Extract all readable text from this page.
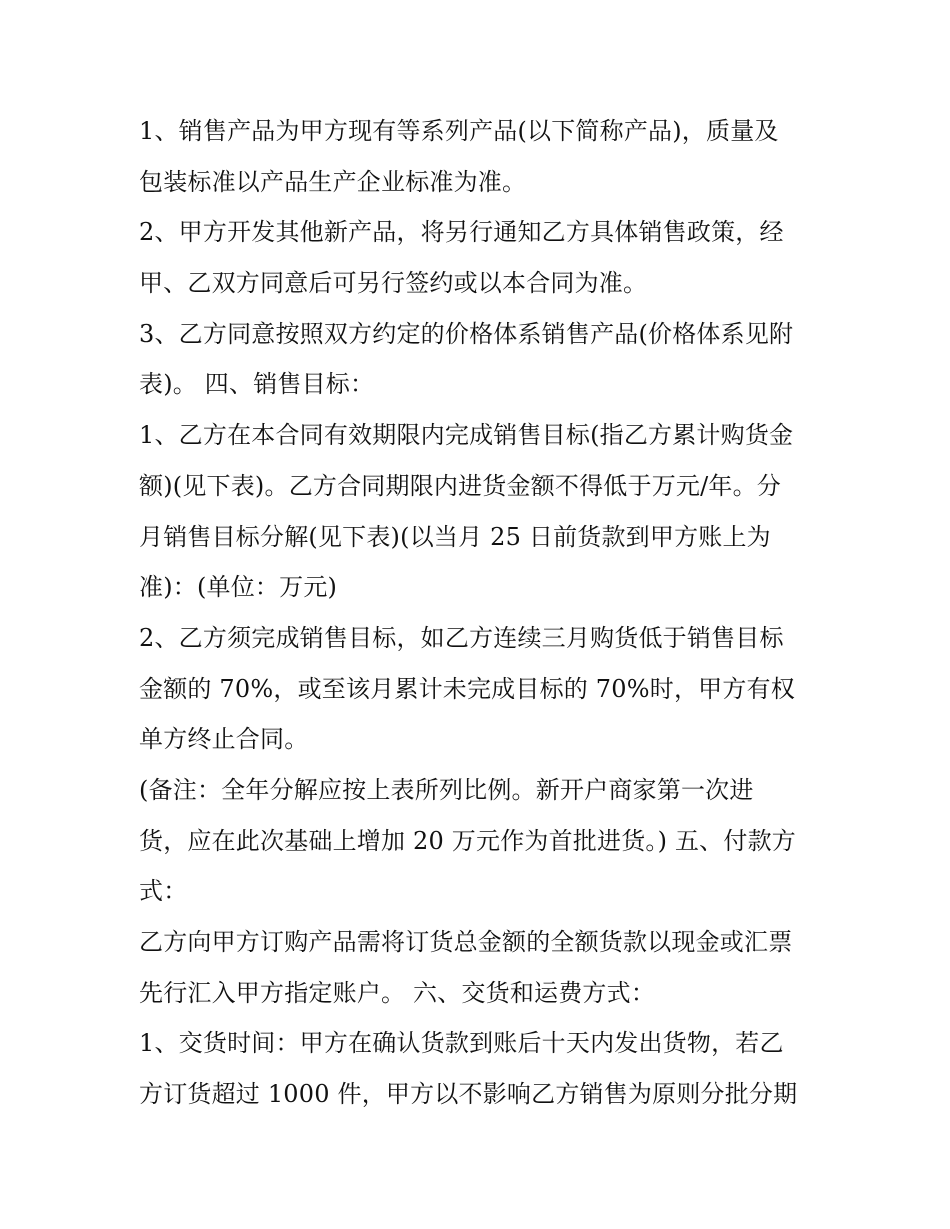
1、销售产品为甲方现有等系列产品(以下简称产品)，质量及
包装标准以产品生产企业标准为准。
2、甲方开发其他新产品，将另行通知乙方具体销售政策，经
甲、乙双方同意后可另行签约或以本合同为准。
3、乙方同意按照双方约定的价格体系销售产品(价格体系见附
表)。 四、销售目标：
1、乙方在本合同有效期限内完成销售目标(指乙方累计购货金
额)(见下表)。乙方合同期限内进货金额不得低于万元/年。分
月销售目标分解(见下表)(以当月 25 日前货款到甲方账上为
准)：(单位：万元)
2、乙方须完成销售目标，如乙方连续三月购货低于销售目标
金额的 70%，或至该月累计未完成目标的 70%时，甲方有权
单方终止合同。
(备注：全年分解应按上表所列比例。新开户商家第一次进
货，应在此次基础上增加 20 万元作为首批进货。) 五、付款方
式：
乙方向甲方订购产品需将订货总金额的全额货款以现金或汇票
先行汇入甲方指定账户。 六、交货和运费方式：
1、交货时间：甲方在确认货款到账后十天内发出货物，若乙
方订货超过 1000 件，甲方以不影响乙方销售为原则分批分期
